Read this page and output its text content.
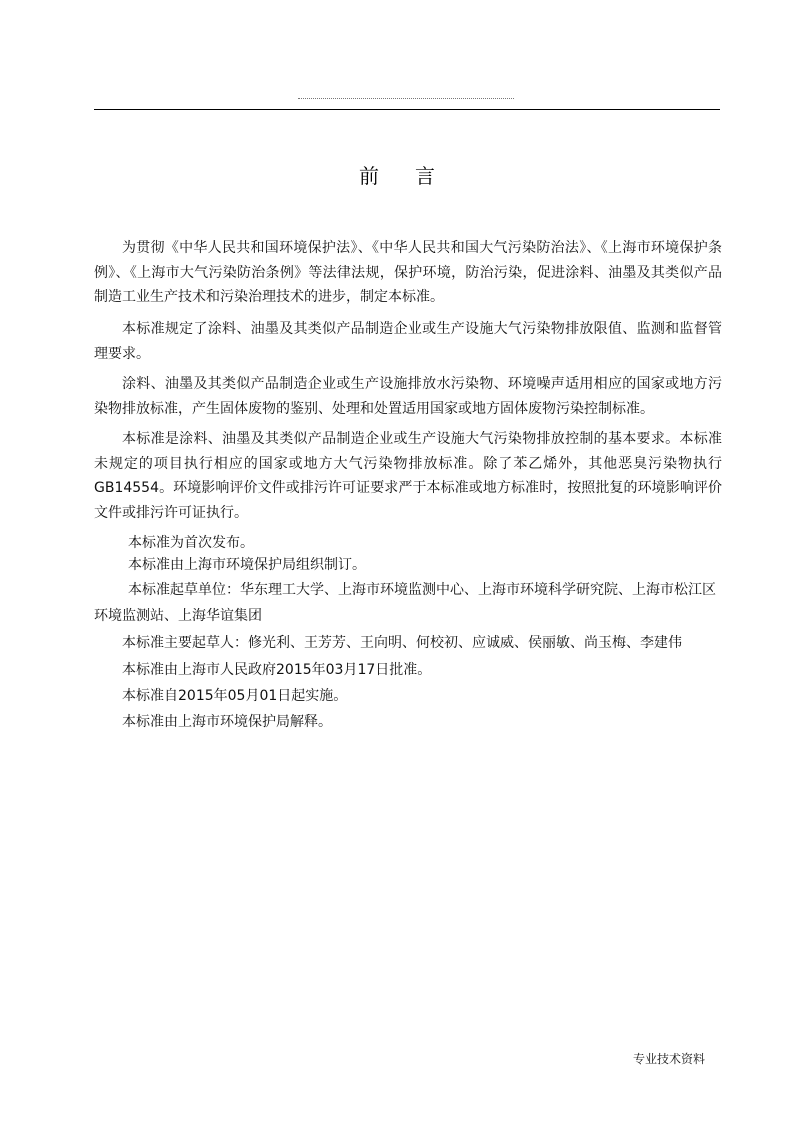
前言

为贯彻《中华人民共和国环境保护法》、《中华人民共和国大气污染防治法》、《上海市环境保护条例》、《上海市大气污染防治条例》等法律法规，保护环境，防治污染，促进涂料、油墨及其类似产品制造工业生产技术和污染治理技术的进步，制定本标准。

本标准规定了涂料、油墨及其类似产品制造企业或生产设施大气污染物排放限值、监测和监督管理要求。

涂料、油墨及其类似产品制造企业或生产设施排放水污染物、环境噪声适用相应的国家或地方污染物排放标准，产生固体废物的鉴别、处理和处置适用国家或地方固体废物污染控制标准。

本标准是涂料、油墨及其类似产品制造企业或生产设施大气污染物排放控制的基本要求。本标准未规定的项目执行相应的国家或地方大气污染物排放标准。除了苯乙烯外，其他恶臭污染物执行GB14554。环境影响评价文件或排污许可证要求严于本标准或地方标准时，按照批复的环境影响评价文件或排污许可证执行。

本标准为首次发布。

本标准由上海市环境保护局组织制订。

本标准起草单位：华东理工大学、上海市环境监测中心、上海市环境科学研究院、上海市松江区

环境监测站、上海华谊集团

本标准主要起草人：修光利、王芳芳、王向明、何校初、应诚威、侯丽敏、尚玉梅、李建伟

本标准由上海市人民政府2015年03月17日批准。

本标准自2015年05月01日起实施。

本标准由上海市环境保护局解释。

专业技术资料
